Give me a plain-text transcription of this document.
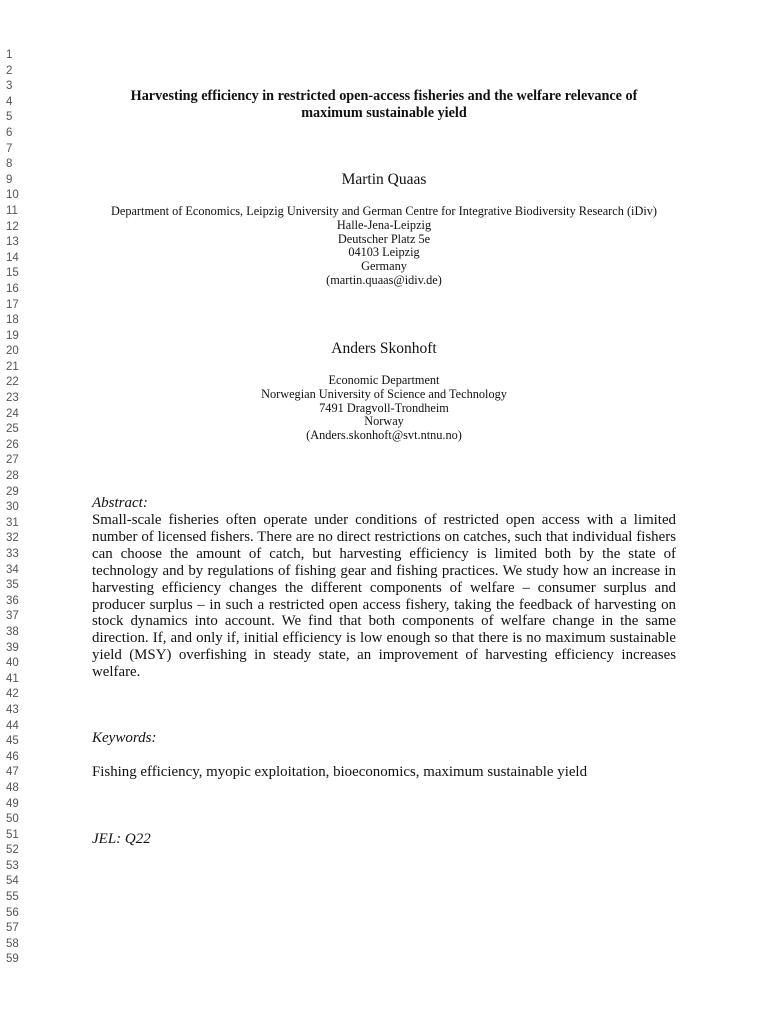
1
2
3
4
5
6
7
8
9
10
11
12
13
14
15
16
17
18
19
20
21
22
23
24
25
26
27
28
29
30
31
32
33
34
35
36
37
38
39
40
41
42
43
44
45
46
47
48
49
50
51
52
53
54
55
56
57
58
59
Harvesting efficiency in restricted open-access fisheries and the welfare relevance of
maximum sustainable yield

Martin Quaas

Department of Economics, Leipzig University and German Centre for Integrative Biodiversity Research (iDiv)

Halle-Jena-Leipzig

Deutscher Platz 5e

04103 Leipzig

Germany

(martin.quaas@idiv.de)

Anders Skonhoft

Economic Department

Norwegian University of Science and Technology

7491 Dragvoll-Trondheim

Norway

(Anders.skonhoft@svt.ntnu.no)

Abstract:

Small-scale fisheries often operate under conditions of restricted open access with a limited number of licensed fishers. There are no direct restrictions on catches, such that individual fishers can choose the amount of catch, but harvesting efficiency is limited both by the state of technology and by regulations of fishing gear and fishing practices. We study how an increase in harvesting efficiency changes the different components of welfare – consumer surplus and producer surplus – in such a restricted open access fishery, taking the feedback of harvesting on stock dynamics into account. We find that both components of welfare change in the same direction. If, and only if, initial efficiency is low enough so that there is no maximum sustainable yield (MSY) overfishing in steady state, an improvement of harvesting efficiency increases welfare.

Keywords:

Fishing efficiency, myopic exploitation, bioeconomics, maximum sustainable yield

JEL: Q22
